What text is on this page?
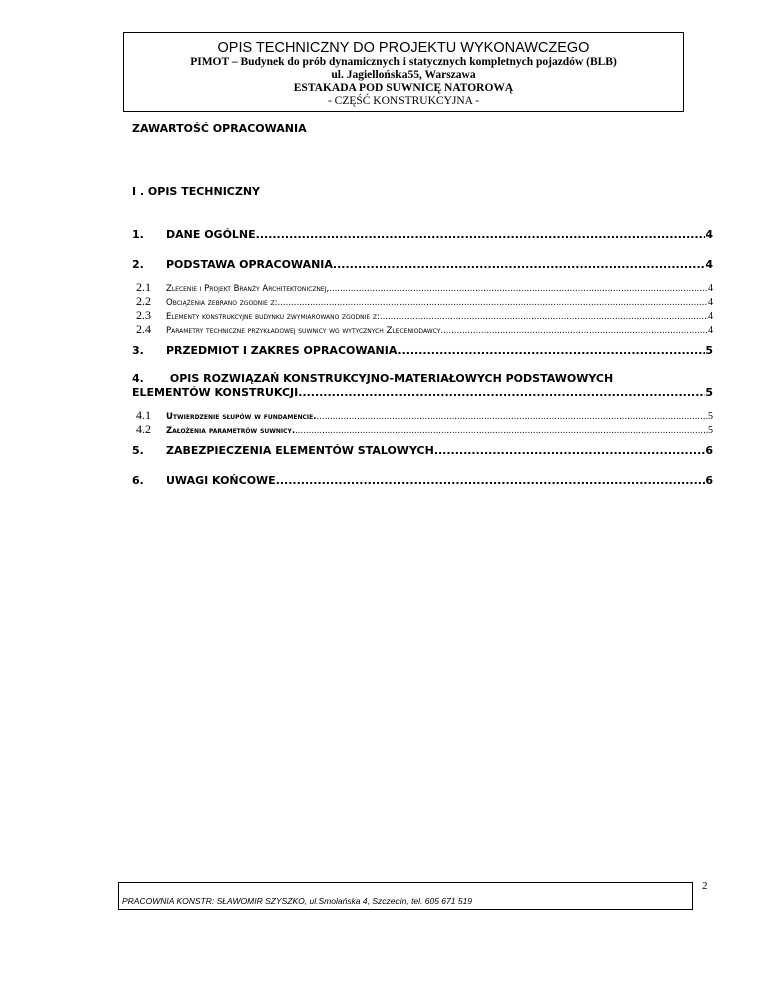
OPIS TECHNICZNY DO PROJEKTU WYKONAWCZEGO
PIMOT – Budynek do prób dynamicznych i statycznych kompletnych pojazdów (BLB)
ul. Jagiellońska55, Warszawa
ESTAKADA POD SUWNICĘ NATOROWĄ
- CZĘŚĆ KONSTRUKCYJNA -
ZAWARTOŚĆ OPRACOWANIA
I . OPIS TECHNICZNY
1.	DANE OGÓLNE .....	4
2.	PODSTAWA OPRACOWANIA .....	4
2.1	Zlecenie i Projekt Branży Architektonicznej, .....	4
2.2	Obciążenia zebrano zgodnie z: .....	4
2.3	Elementy konstrukcyjne budynku zwymiarowano zgodnie z: .....	4
2.4	Parametry techniczne przykładowej suwnicy wg wytycznych Zleceniodawcy .....	4
3.	PRZEDMIOT I ZAKRES OPRACOWANIA .....	5
4. OPIS ROZWIĄZAŃ KONSTRUKCYJNO-MATERIAŁOWYCH PODSTAWOWYCH
ELEMENTÓW KONSTRUKCJI. .....	5
4.1	Utwierdzenie słupów w fundamencie. .....	5
4.2	Założenia parametrów suwnicy. .....	5
5.	ZABEZPIECZENIA ELEMENTÓW STALOWYCH .....	6
6.	UWAGI KOŃCOWE .....	6
PRACOWNIA KONSTR: SŁAWOMIR SZYSZKO, ul.Smolańska 4, Szczecin, tel. 605 671 519
2
